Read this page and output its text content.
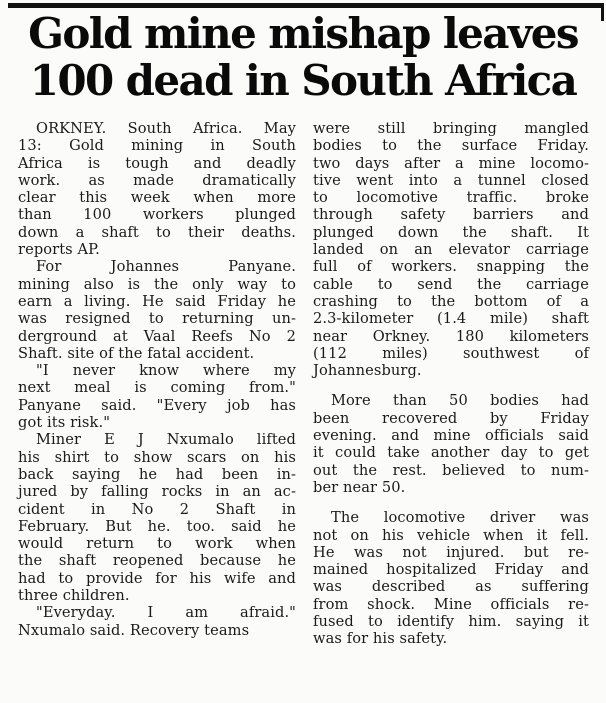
Gold mine mishap leaves
100 dead in South Africa
ORKNEY. South Africa. May
13: Gold mining in South
Africa is tough and deadly
work. as made dramatically
clear this week when more
than 100 workers plunged
down a shaft to their deaths.
reports AP.
For Johannes Panyane.
mining also is the only way to
earn a living. He said Friday he
was resigned to returning un-
derground at Vaal Reefs No 2
Shaft. site of the fatal accident.
"I never know where my
next meal is coming from."
Panyane said. "Every job has
got its risk."
Miner E J Nxumalo lifted
his shirt to show scars on his
back saying he had been in-
jured by falling rocks in an ac-
cident in No 2 Shaft in
February. But he. too. said he
would return to work when
the shaft reopened because he
had to provide for his wife and
three children.
"Everyday. I am afraid."
Nxumalo said. Recovery teams
were still bringing mangled
bodies to the surface Friday.
two days after a mine locomo-
tive went into a tunnel closed
to locomotive traffic. broke
through safety barriers and
plunged down the shaft. It
landed on an elevator carriage
full of workers. snapping the
cable to send the carriage
crashing to the bottom of a
2.3-kilometer (1.4 mile) shaft
near Orkney. 180 kilometers
(112 miles) southwest of
Johannesburg.
More than 50 bodies had
been recovered by Friday
evening. and mine officials said
it could take another day to get
out the rest. believed to num-
ber near 50.
The locomotive driver was
not on his vehicle when it fell.
He was not injured. but re-
mained hospitalized Friday and
was described as suffering
from shock. Mine officials re-
fused to identify him. saying it
was for his safety.
